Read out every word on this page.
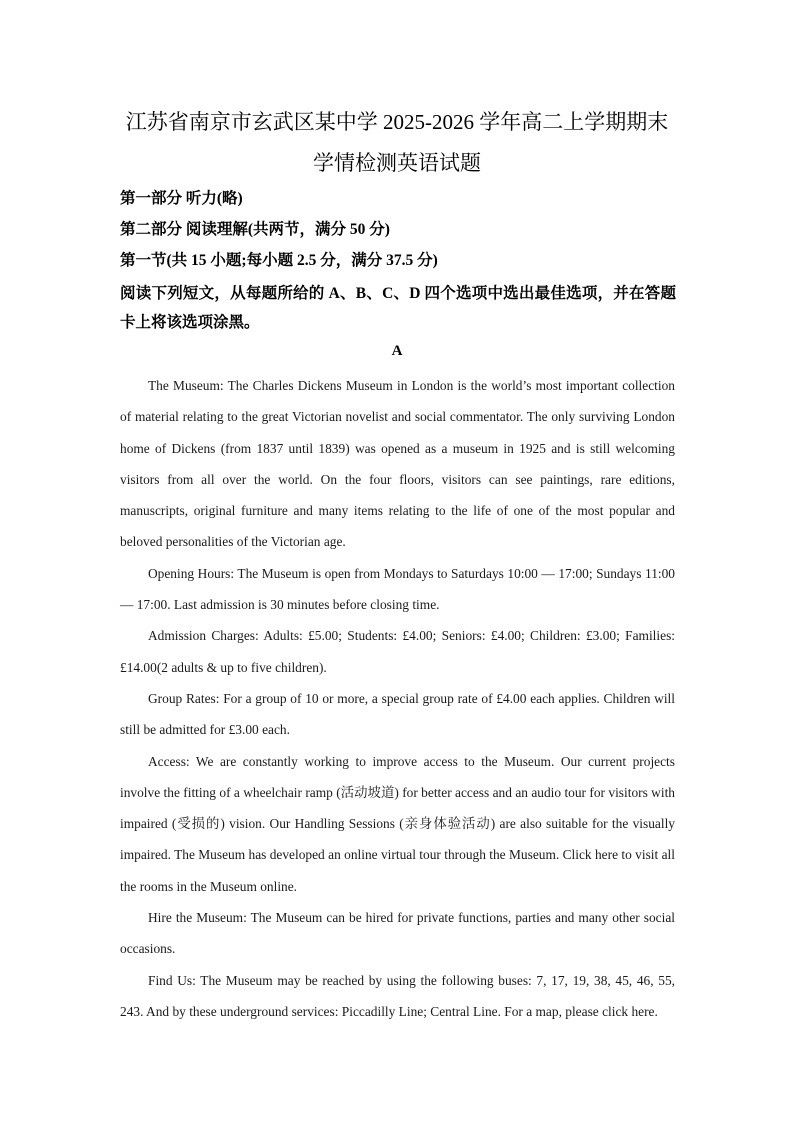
江苏省南京市玄武区某中学 2025-2026 学年高二上学期期末
学情检测英语试题
第一部分 听力(略)
第二部分 阅读理解(共两节，满分 50 分)
第一节(共 15 小题;每小题 2.5 分，满分 37.5 分)
阅读下列短文，从每题所给的 A、B、C、D 四个选项中选出最佳选项，并在答题卡上将该选项涂黑。
A

The Museum: The Charles Dickens Museum in London is the world’s most important collection of material relating to the great Victorian novelist and social commentator. The only surviving London home of Dickens (from 1837 until 1839) was opened as a museum in 1925 and is still welcoming visitors from all over the world. On the four floors, visitors can see paintings, rare editions, manuscripts, original furniture and many items relating to the life of one of the most popular and beloved personalities of the Victorian age.

Opening Hours: The Museum is open from Mondays to Saturdays 10:00 — 17:00; Sundays 11:00 — 17:00. Last admission is 30 minutes before closing time.

Admission Charges: Adults: £5.00; Students: £4.00; Seniors: £4.00; Children: £3.00; Families: £14.00(2 adults & up to five children).

Group Rates: For a group of 10 or more, a special group rate of £4.00 each applies. Children will still be admitted for £3.00 each.

Access: We are constantly working to improve access to the Museum. Our current projects involve the fitting of a wheelchair ramp (活动坡道) for better access and an audio tour for visitors with impaired (受损的) vision. Our Handling Sessions (亲身体验活动) are also suitable for the visually impaired. The Museum has developed an online virtual tour through the Museum. Click here to visit all the rooms in the Museum online.

Hire the Museum: The Museum can be hired for private functions, parties and many other social occasions.

Find Us: The Museum may be reached by using the following buses: 7, 17, 19, 38, 45, 46, 55, 243. And by these underground services: Piccadilly Line; Central Line. For a map, please click here.
